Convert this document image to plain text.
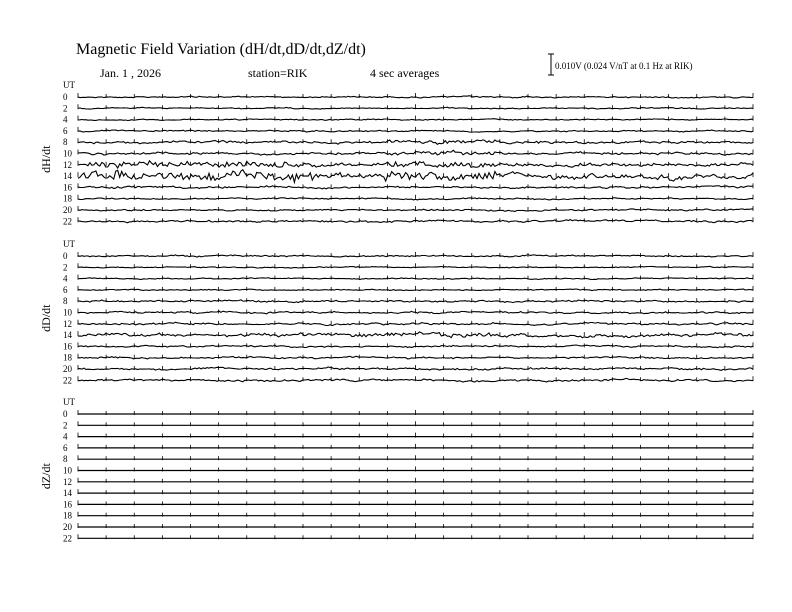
Magnetic Field Variation (dH/dt,dD/dt,dZ/dt)
Jan. 1 , 2026	station=RIK	4 sec averages	0.010V (0.024 V/nT at 0.1 Hz at RIK)
UT
dH/dt
0
2
4
6
8
10
12
14
16
18
20
22
UT
dD/dt
0
2
4
6
8
10
12
14
16
18
20
22
UT
dZ/dt
0
2
4
6
8
10
12
14
16
18
20
22
